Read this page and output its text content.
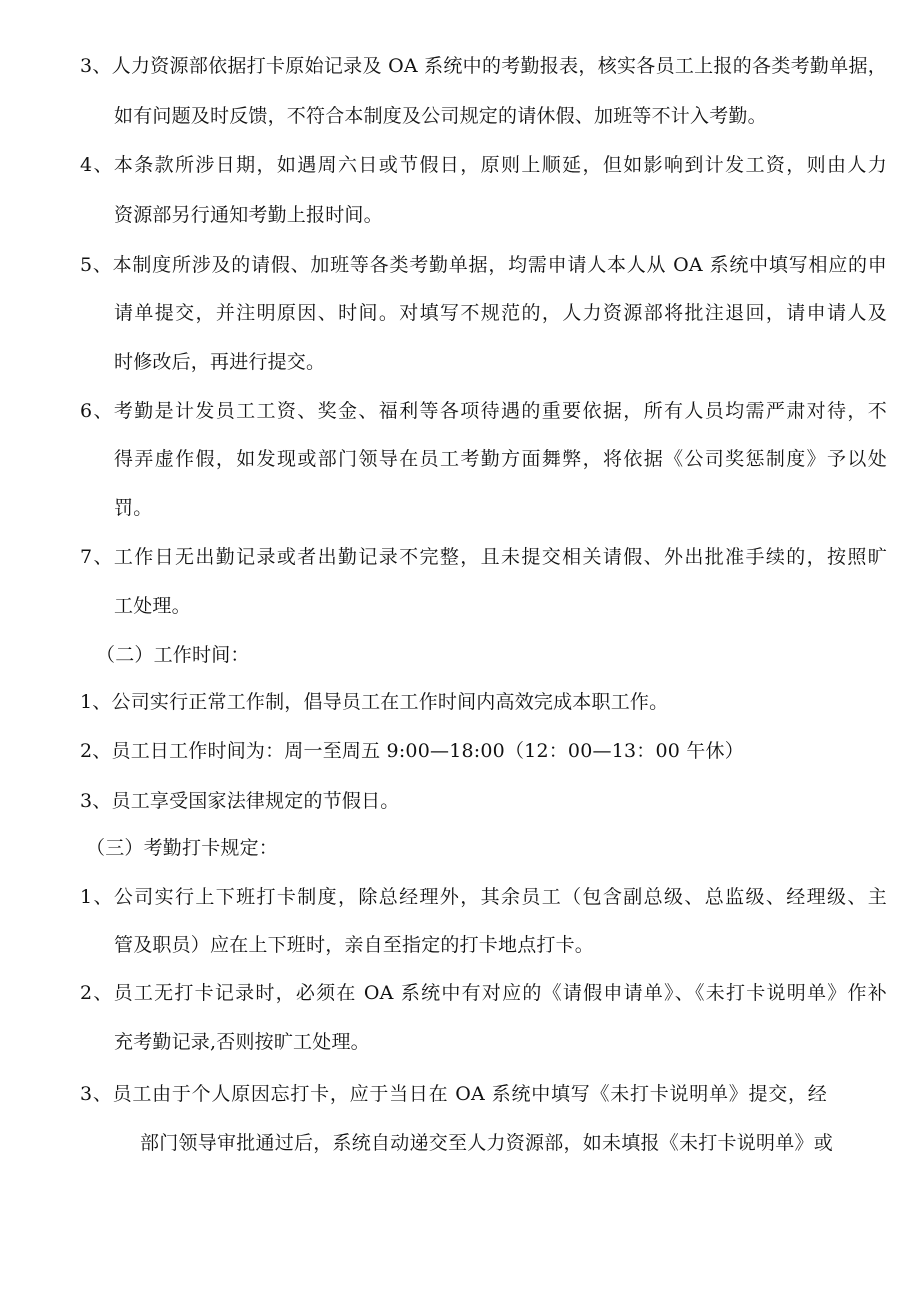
3、人力资源部依据打卡原始记录及 OA 系统中的考勤报表，核实各员工上报的各类考勤单据，
如有问题及时反馈，不符合本制度及公司规定的请休假、加班等不计入考勤。
4、本条款所涉日期，如遇周六日或节假日，原则上顺延，但如影响到计发工资，则由人力
资源部另行通知考勤上报时间。
5、本制度所涉及的请假、加班等各类考勤单据，均需申请人本人从 OA 系统中填写相应的申
请单提交，并注明原因、时间。对填写不规范的，人力资源部将批注退回，请申请人及
时修改后，再进行提交。
6、考勤是计发员工工资、奖金、福利等各项待遇的重要依据，所有人员均需严肃对待，不
得弄虚作假，如发现或部门领导在员工考勤方面舞弊，将依据《公司奖惩制度》予以处
罚。
7、工作日无出勤记录或者出勤记录不完整，且未提交相关请假、外出批准手续的，按照旷
工处理。
（二）工作时间：
1、公司实行正常工作制，倡导员工在工作时间内高效完成本职工作。
2、员工日工作时间为：周一至周五 9:00—18:00（12：00—13：00 午休）
3、员工享受国家法律规定的节假日。
（三）考勤打卡规定：
1、公司实行上下班打卡制度，除总经理外，其余员工（包含副总级、总监级、经理级、主
管及职员）应在上下班时，亲自至指定的打卡地点打卡。
2、员工无打卡记录时，必须在 OA 系统中有对应的《请假申请单》、《未打卡说明单》作补
充考勤记录,否则按旷工处理。
3、员工由于个人原因忘打卡，应于当日在 OA 系统中填写《未打卡说明单》提交，经
部门领导审批通过后，系统自动递交至人力资源部，如未填报《未打卡说明单》或
